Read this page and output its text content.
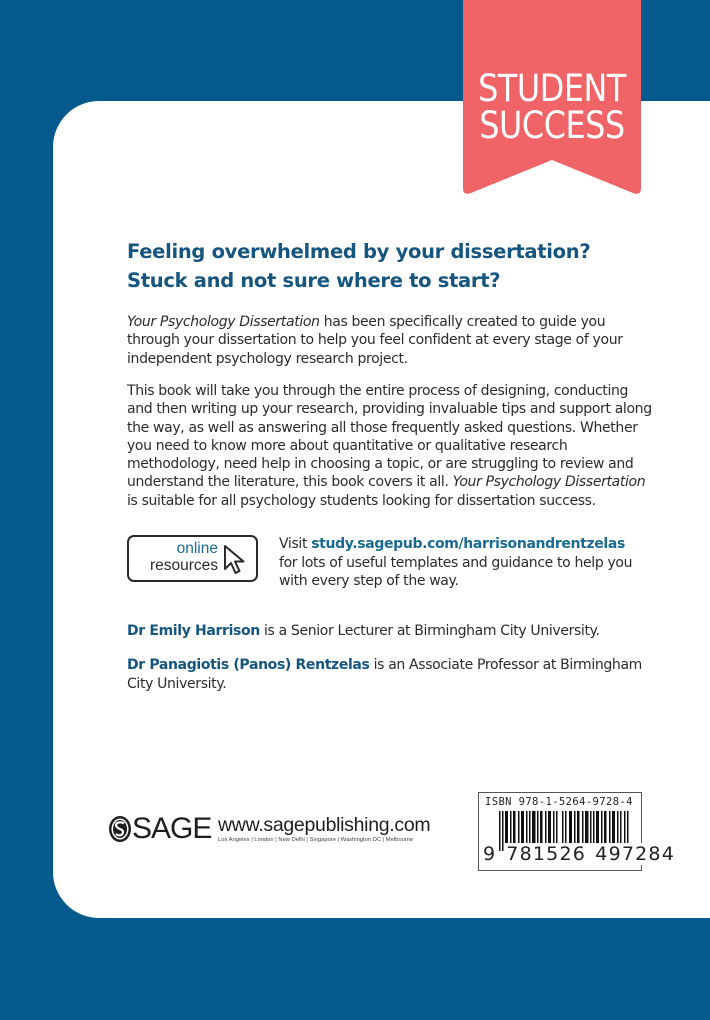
STUDENT
SUCCESS
Feeling overwhelmed by your dissertation? Stuck and not sure where to start?
Your Psychology Dissertation has been specifically created to guide you through your dissertation to help you feel confident at every stage of your independent psychology research project.
This book will take you through the entire process of designing, conducting and then writing up your research, providing invaluable tips and support along the way, as well as answering all those frequently asked questions. Whether you need to know more about quantitative or qualitative research methodology, need help in choosing a topic, or are struggling to review and understand the literature, this book covers it all. Your Psychology Dissertation is suitable for all psychology students looking for dissertation success.
online
resources
Visit study.sagepub.com/harrisonandrentzelas
for lots of useful templates and guidance to help you with every step of the way.
Dr Emily Harrison is a Senior Lecturer at Birmingham City University.
Dr Panagiotis (Panos) Rentzelas is an Associate Professor at Birmingham City University.
SAGE www.sagepublishing.com
Los Angeles | London | New Delhi | Singapore | Washington DC | Melbourne
ISBN 978-1-5264-9728-4
9 781526 497284
